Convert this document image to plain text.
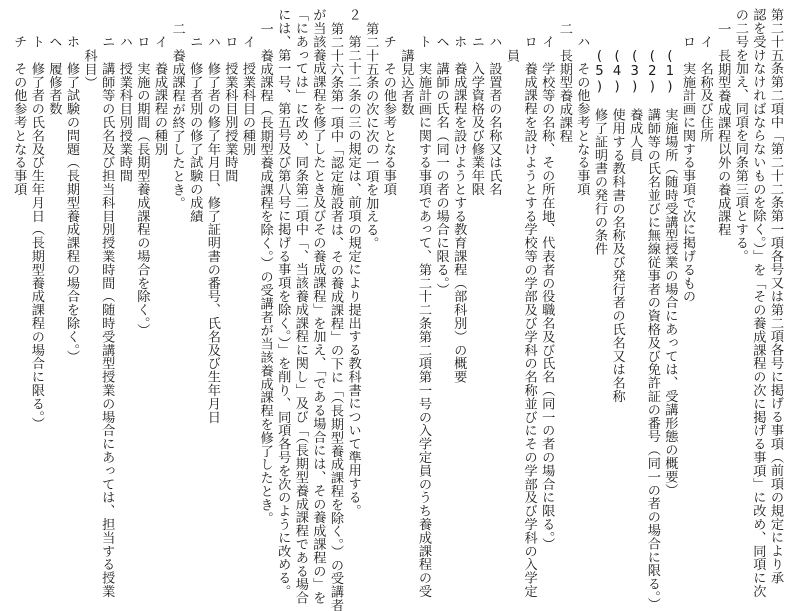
第二十五条第二項中「第二十二条第一項各号又は第二項各号に掲げる事項（前項の規定により承
認を受けなければならないものを除く。）」を「その養成課程の次に掲げる事項」に改め、同項に次
の二号を加え、同項を同条第三項とする。
一　長期型養成課程以外の養成課程
イ　名称及び住所
ロ　実施計画に関する事項で次に掲げるもの
(1)　実施場所（随時受講型授業の場合にあっては、受講形態の概要）
(2)　講師等の氏名並びに無線従事者の資格及び免許証の番号（同一の者の場合に限る。）
(3)　養成人員
(4)　使用する教科書の名称及び発行者の氏名又は名称
(5)　修了証明書の発行の条件
ハ　その他参考となる事項
二　長期型養成課程
イ　学校等の名称、その所在地、代表者の役職名及び氏名（同一の者の場合に限る。）
ロ　養成課程を設けようとする学校等の学部及び学科の名称並びにその学部及び学科の入学定
員
ハ　設置者の名称又は氏名
ニ　入学資格及び修業年限
ホ　養成課程を設けようとする教育課程（部科別）の概要
ヘ　講師の氏名（同一の者の場合に限る。）
ト　実施計画に関する事項であって、第二十二条第二項第一号の入学定員のうち養成課程の受
講見込者数
チ　その他参考となる事項
第二十五条の次に次の一項を加える。
２　第二十二条の三の規定は、前項の規定により提出する教科書について準用する。
第二十六条第一項中「認定施設者は、その養成課程」の下に「（長期型養成課程を除く。）の受講者
が当該養成課程を修了したとき及びその養成課程」を加え、「である場合には、その養成課程の」を
「にあっては」に改め、同条第二項中「、当該養成課程に関し」及び「（長期型養成課程である場合
には、第一号、第五号及び第八号に掲げる事項を除く。）」を削り、同項各号を次のように改める。
一　養成課程（長期型養成課程を除く。）の受講者が当該養成課程を修了したとき。
イ　授業科目の種別
ロ　授業科目別授業時間
ハ　修了者の修了年月日、修了証明書の番号、氏名及び生年月日
ニ　修了者別の修了試験の成績
二　養成課程が終了したとき。
イ　養成課程の種別
ロ　実施の期間（長期型養成課程の場合を除く。）
ハ　授業科目別授業時間
ニ　講師等の氏名及び担当科目別授業時間（随時受講型授業の場合にあっては、担当する授業
科目）
ホ　修了試験の問題（長期型養成課程の場合を除く。）
ヘ　履修者数
ト　修了者の氏名及び生年月日（長期型養成課程の場合に限る。）
チ　その他参考となる事項
